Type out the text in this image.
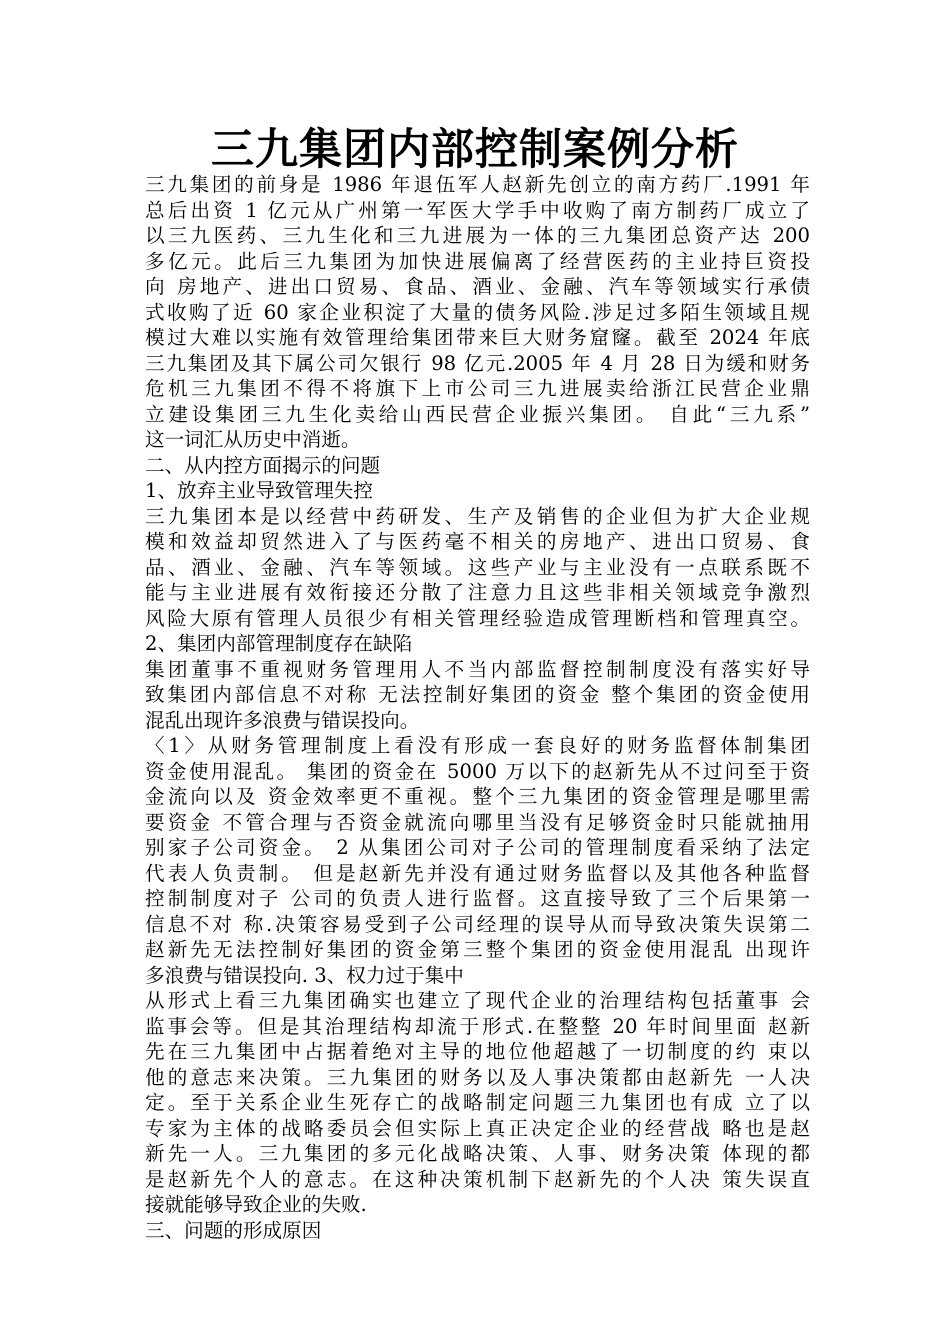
三九集团内部控制案例分析
三九集团的前身是 1986 年退伍军人赵新先创立的南方药厂.1991 年
总后出资 1 亿元从广州第一军医大学手中收购了南方制药厂成立了
以三九医药、三九生化和三九进展为一体的三九集团总资产达 200
多亿元。此后三九集团为加快进展偏离了经营医药的主业持巨资投
向 房地产、进出口贸易、食品、酒业、金融、汽车等领域实行承债
式收购了近 60 家企业积淀了大量的债务风险.涉足过多陌生领域且规
模过大难以实施有效管理给集团带来巨大财务窟窿。截至 2024 年底
三九集团及其下属公司欠银行 98 亿元.2005 年 4 月 28 日为缓和财务
危机三九集团不得不将旗下上市公司三九进展卖给浙江民营企业鼎
立建设集团三九生化卖给山西民营企业振兴集团。 自此“三九系”
这一词汇从历史中消逝。
二、从内控方面揭示的问题
1、放弃主业导致管理失控
三九集团本是以经营中药研发、生产及销售的企业但为扩大企业规
模和效益却贸然进入了与医药毫不相关的房地产、进出口贸易、食
品、酒业、金融、汽车等领域。这些产业与主业没有一点联系既不
能与主业进展有效衔接还分散了注意力且这些非相关领域竞争激烈
风险大原有管理人员很少有相关管理经验造成管理断档和管理真空。
2、集团内部管理制度存在缺陷
集团董事不重视财务管理用人不当内部监督控制制度没有落实好导
致集团内部信息不对称 无法控制好集团的资金 整个集团的资金使用
混乱出现许多浪费与错误投向。
〈1〉从财务管理制度上看没有形成一套良好的财务监督体制集团
资金使用混乱。 集团的资金在 5000 万以下的赵新先从不过问至于资
金流向以及 资金效率更不重视。整个三九集团的资金管理是哪里需
要资金 不管合理与否资金就流向哪里当没有足够资金时只能就抽用
别家子公司资金。 2 从集团公司对子公司的管理制度看采纳了法定
代表人负责制。 但是赵新先并没有通过财务监督以及其他各种监督
控制制度对子 公司的负责人进行监督。这直接导致了三个后果第一
信息不对 称.决策容易受到子公司经理的误导从而导致决策失误第二
赵新先无法控制好集团的资金第三整个集团的资金使用混乱 出现许
多浪费与错误投向. 3、权力过于集中
从形式上看三九集团确实也建立了现代企业的治理结构包括董事 会
监事会等。但是其治理结构却流于形式.在整整 20 年时间里面 赵新
先在三九集团中占据着绝对主导的地位他超越了一切制度的约 束以
他的意志来决策。三九集团的财务以及人事决策都由赵新先 一人决
定。至于关系企业生死存亡的战略制定问题三九集团也有成 立了以
专家为主体的战略委员会但实际上真正决定企业的经营战 略也是赵
新先一人。三九集团的多元化战略决策、人事、财务决策 体现的都
是赵新先个人的意志。在这种决策机制下赵新先的个人决 策失误直
接就能够导致企业的失败.
三、问题的形成原因
